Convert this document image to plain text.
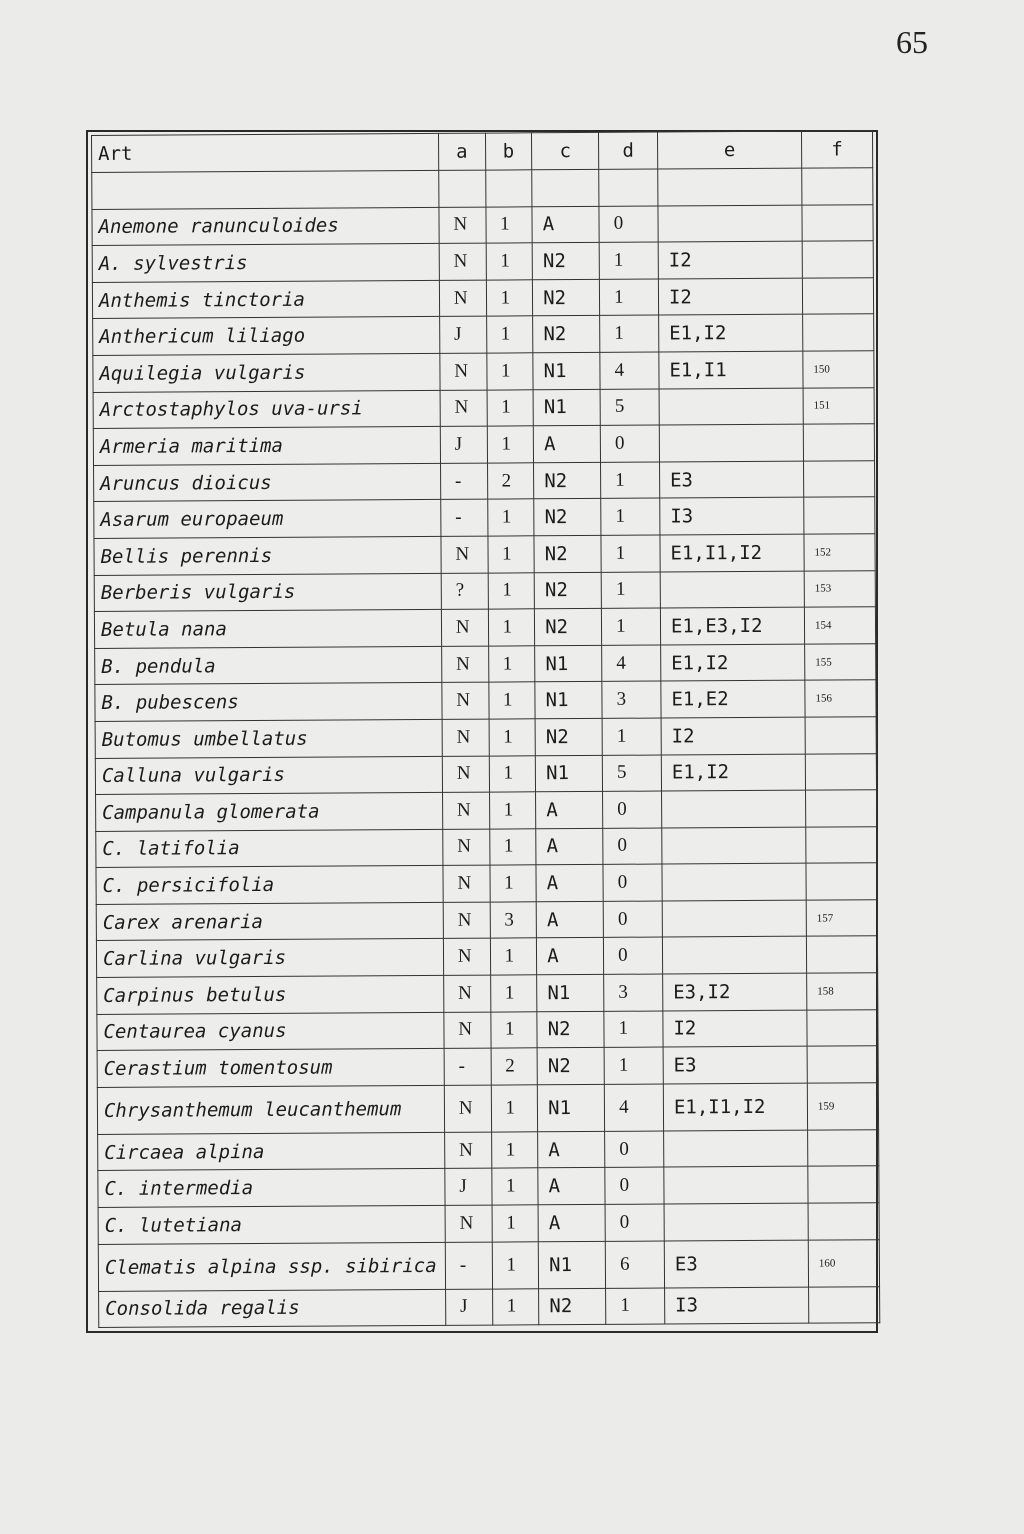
65
Art	a	b	c	d	e	f

Anemone ranunculoides	N	1	A	0		
A. sylvestris	N	1	N2	1	I2	
Anthemis tinctoria	N	1	N2	1	I2	
Anthericum liliago	J	1	N2	1	E1,I2	
Aquilegia vulgaris	N	1	N1	4	E1,I1	150
Arctostaphylos uva-ursi	N	1	N1	5		151
Armeria maritima	J	1	A	0		
Aruncus dioicus	-	2	N2	1	E3	
Asarum europaeum	-	1	N2	1	I3	
Bellis perennis	N	1	N2	1	E1,I1,I2	152
Berberis vulgaris	?	1	N2	1		153
Betula nana	N	1	N2	1	E1,E3,I2	154
B. pendula	N	1	N1	4	E1,I2	155
B. pubescens	N	1	N1	3	E1,E2	156
Butomus umbellatus	N	1	N2	1	I2	
Calluna vulgaris	N	1	N1	5	E1,I2	
Campanula glomerata	N	1	A	0		
C. latifolia	N	1	A	0		
C. persicifolia	N	1	A	0		
Carex arenaria	N	3	A	0		157
Carlina vulgaris	N	1	A	0		
Carpinus betulus	N	1	N1	3	E3,I2	158
Centaurea cyanus	N	1	N2	1	I2	
Cerastium tomentosum	-	2	N2	1	E3	
Chrysanthemum leucanthemum	N	1	N1	4	E1,I1,I2	159
Circaea alpina	N	1	A	0		
C. intermedia	J	1	A	0		
C. lutetiana	N	1	A	0		
Clematis alpina ssp. sibirica	-	1	N1	6	E3	160
Consolida regalis	J	1	N2	1	I3	
